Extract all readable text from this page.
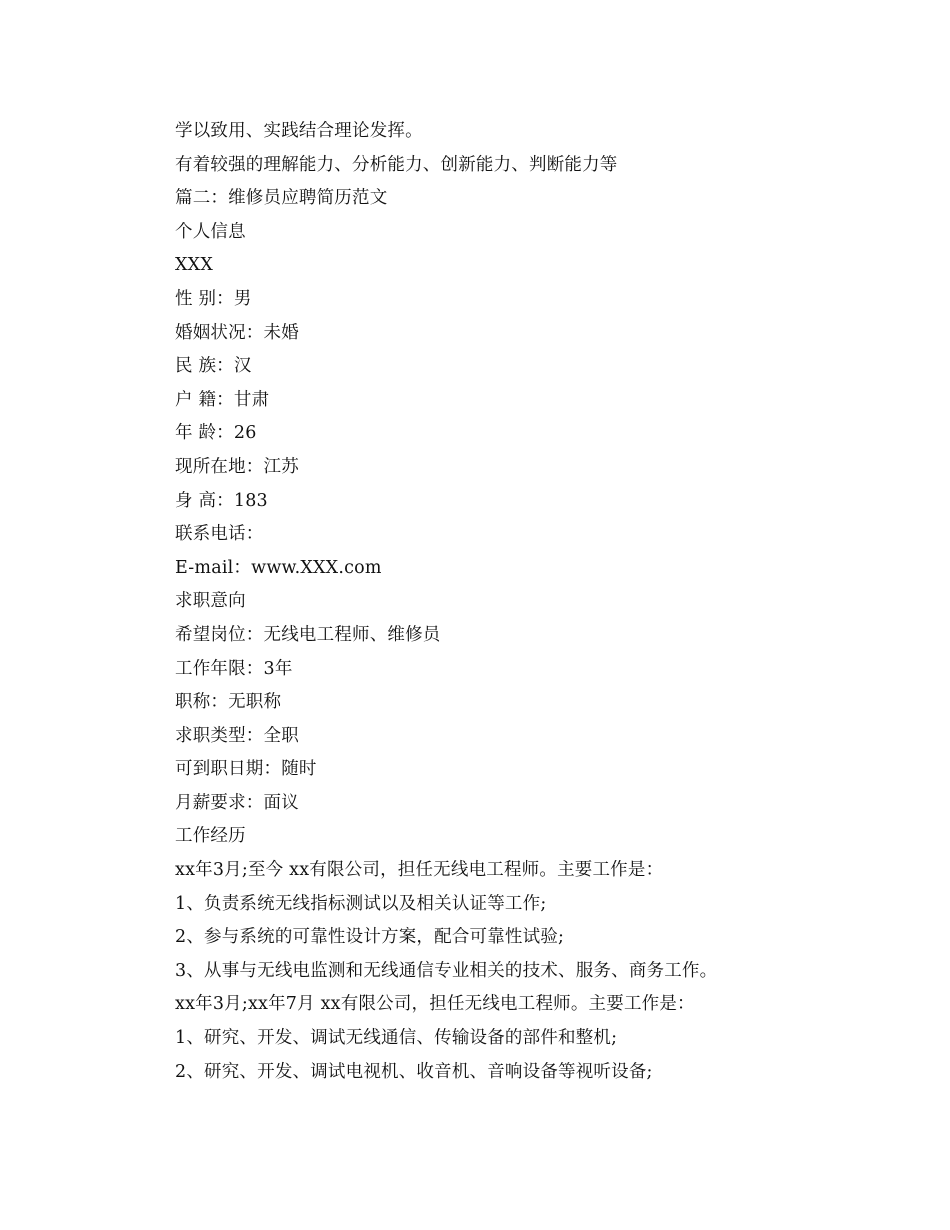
学以致用、实践结合理论发挥。
有着较强的理解能力、分析能力、创新能力、判断能力等
篇二：维修员应聘简历范文
个人信息
XXX
性 别：男
婚姻状况：未婚
民 族：汉
户 籍：甘肃
年 龄：26
现所在地：江苏
身 高：183
联系电话：
E-mail：www.XXX.com
求职意向
希望岗位：无线电工程师、维修员
工作年限：3年
职称：无职称
求职类型：全职
可到职日期：随时
月薪要求：面议
工作经历
xx年3月;至今 xx有限公司，担任无线电工程师。主要工作是：
1、负责系统无线指标测试以及相关认证等工作;
2、参与系统的可靠性设计方案，配合可靠性试验;
3、从事与无线电监测和无线通信专业相关的技术、服务、商务工作。
xx年3月;xx年7月 xx有限公司，担任无线电工程师。主要工作是：
1、研究、开发、调试无线通信、传输设备的部件和整机;
2、研究、开发、调试电视机、收音机、音响设备等视听设备;
